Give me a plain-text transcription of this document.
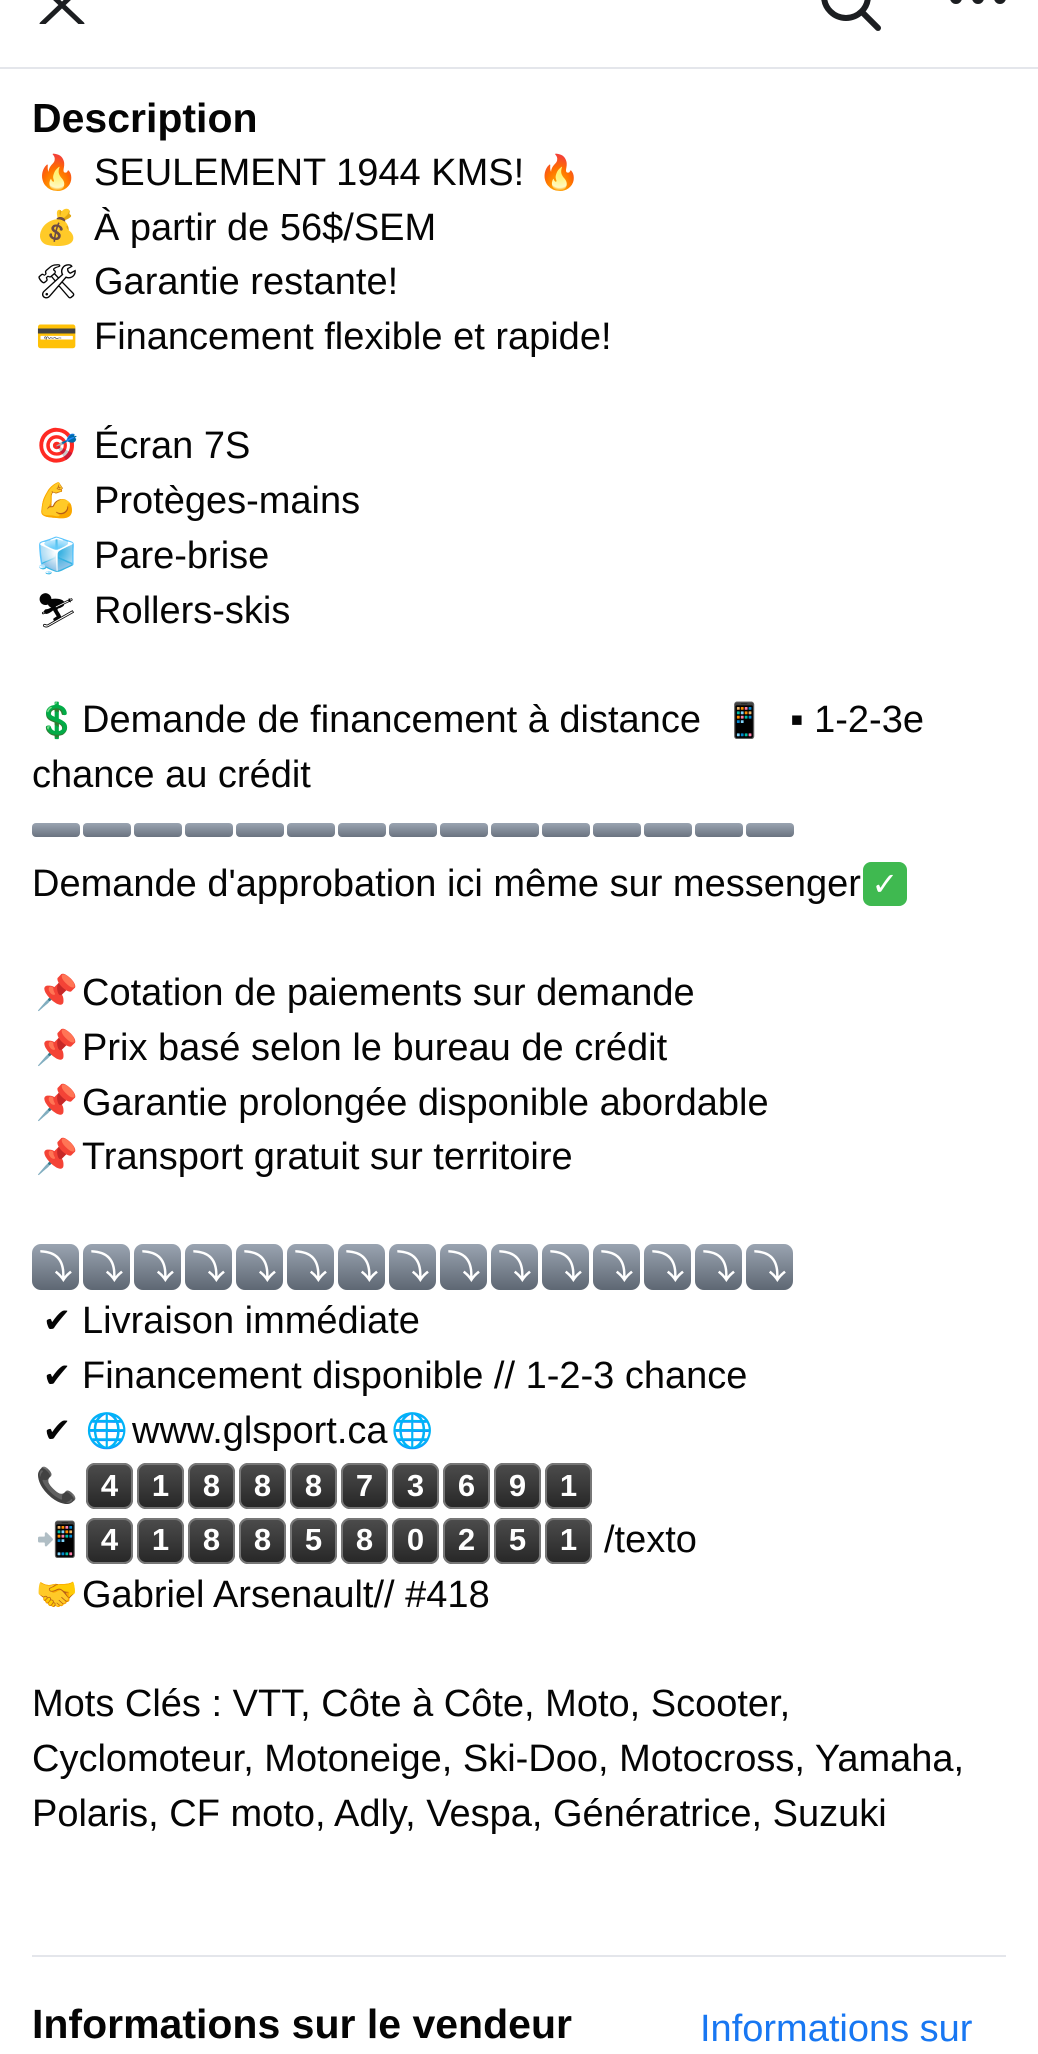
Description
🔥 SEULEMENT 1944 KMS! 🔥
💰 À partir de 56$/SEM
🛠 Garantie restante!
💳 Financement flexible et rapide!
🎯 Écran 7S
💪 Protèges-mains
🧊 Pare-brise
⛷ Rollers-skis
💲 Demande de financement à distance 📱 ▪ 1-2-3e chance au crédit
Demande d'approbation ici même sur messenger ✓
📌 Cotation de paiements sur demande
📌 Prix basé selon le bureau de crédit
📌 Garantie prolongée disponible abordable
📌 Transport gratuit sur territoire
⤵ ⤵ ⤵ ⤵ ⤵ ⤵ ⤵ ⤵ ⤵ ⤵ ⤵ ⤵ ⤵ ⤵ ⤵
✔ Livraison immédiate
✔ Financement disponible // 1-2-3 chance
✔ 🌐 www.glsport.ca 🌐
📞 4	1	8	8	8	7	3	6	9	1
📲 4	1	8	8	5	8	0	2	5	1 /texto
🤝 Gabriel Arsenault// #418
Mots Clés : VTT, Côte à Côte, Moto, Scooter, Cyclomoteur, Motoneige, Ski-Doo, Motocross, Yamaha, Polaris, CF moto, Adly, Vespa, Génératrice, Suzuki
Informations sur le vendeur	Informations sur
